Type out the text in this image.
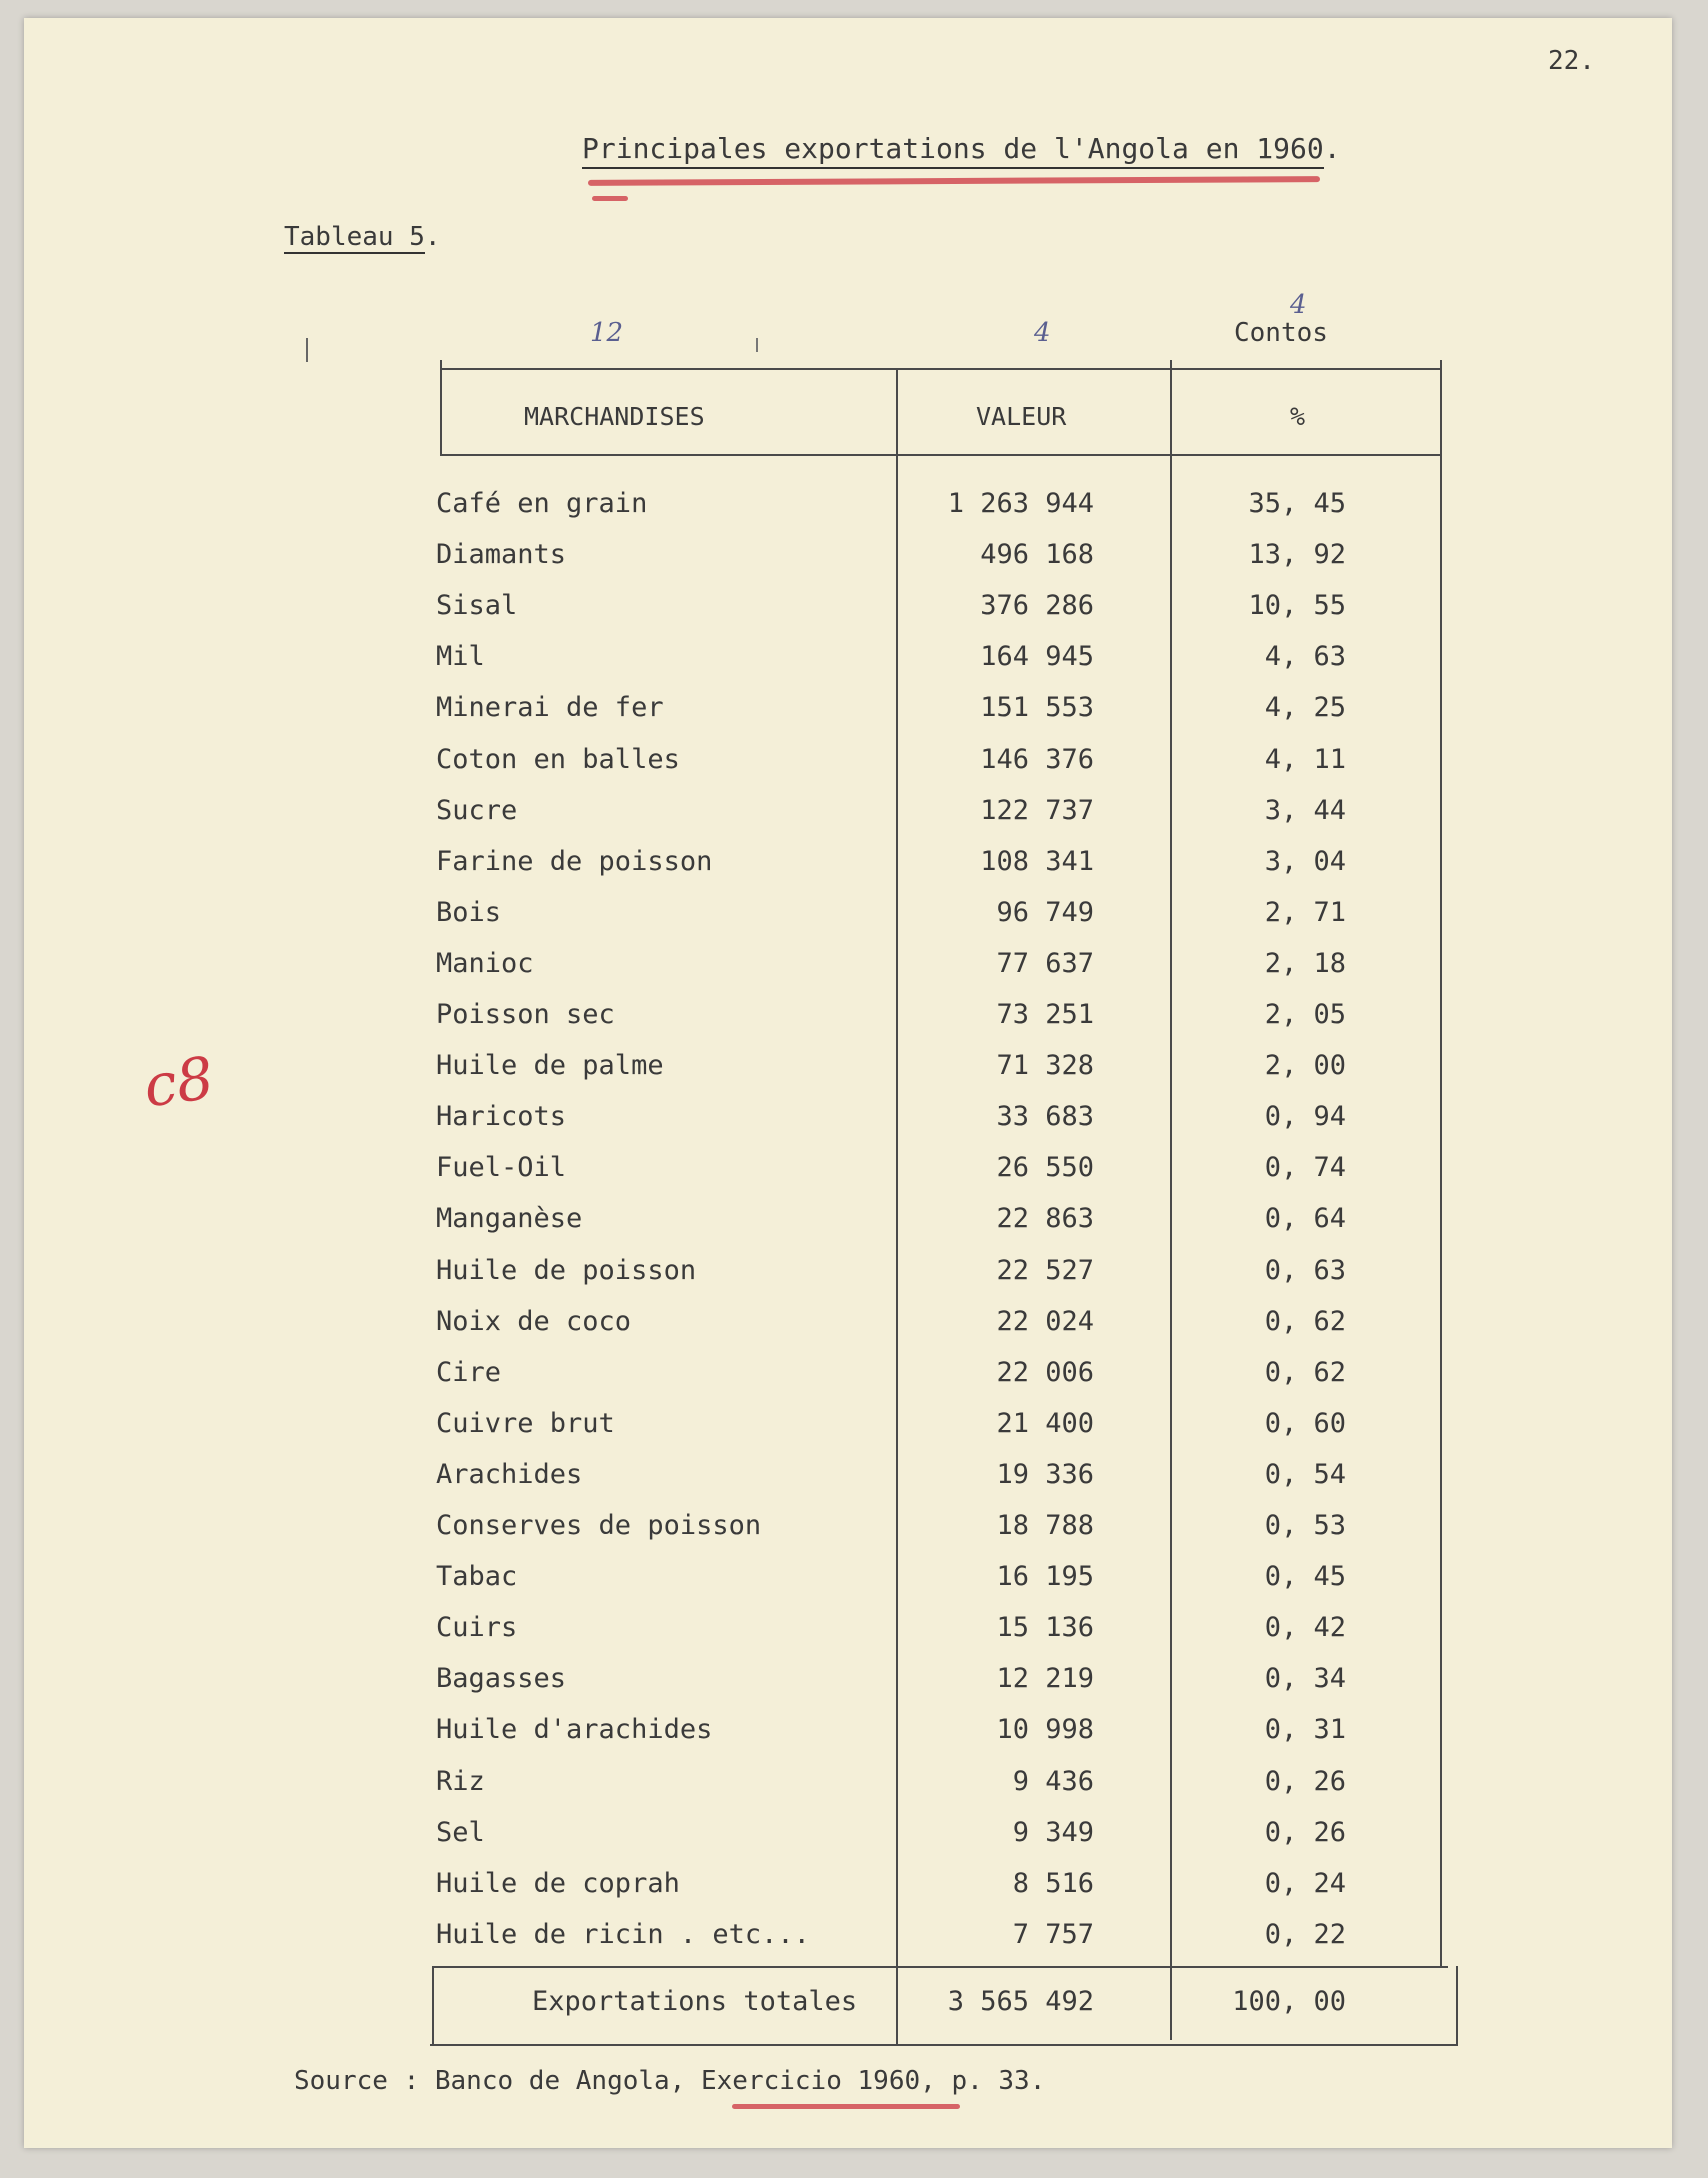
22.
Principales exportations de l'Angola en 1960.
Tableau 5.
12	4
4
c8
Contos
MARCHANDISES	VALEUR	%
Café en grain	1 263 944	35, 45
Diamants	496 168	13, 92
Sisal	376 286	10, 55
Mil	164 945	4, 63
Minerai de fer	151 553	4, 25
Coton en balles	146 376	4, 11
Sucre	122 737	3, 44
Farine de poisson	108 341	3, 04
Bois	96 749	2, 71
Manioc	77 637	2, 18
Poisson sec	73 251	2, 05
Huile de palme	71 328	2, 00
Haricots	33 683	0, 94
Fuel-Oil	26 550	0, 74
Manganèse	22 863	0, 64
Huile de poisson	22 527	0, 63
Noix de coco	22 024	0, 62
Cire	22 006	0, 62
Cuivre brut	21 400	0, 60
Arachides	19 336	0, 54
Conserves de poisson	18 788	0, 53
Tabac	16 195	0, 45
Cuirs	15 136	0, 42
Bagasses	12 219	0, 34
Huile d'arachides	10 998	0, 31
Riz	9 436	0, 26
Sel	9 349	0, 26
Huile de coprah	8 516	0, 24
Huile de ricin . etc...	7 757	0, 22
Exportations totales	3 565 492	100, 00
Source : Banco de Angola, Exercicio 1960, p. 33.
